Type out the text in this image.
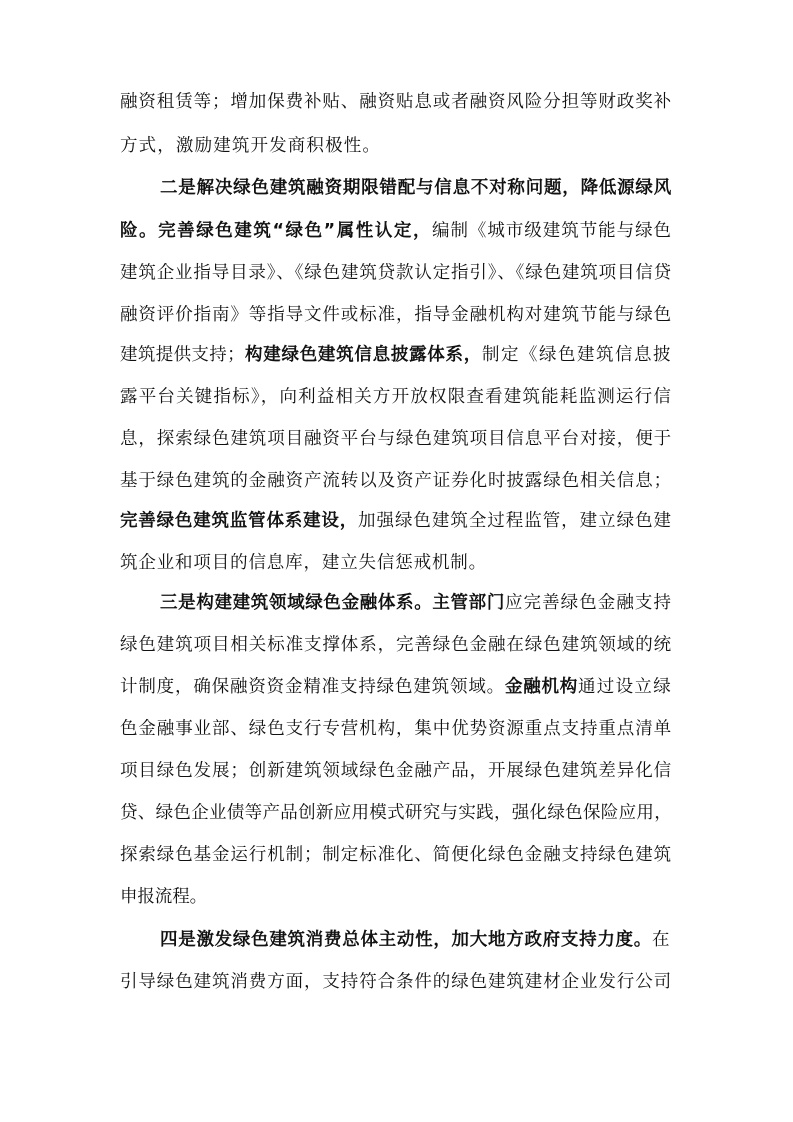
融资租赁等；增加保费补贴、融资贴息或者融资风险分担等财政奖补
方式，激励建筑开发商积极性。
二是解决绿色建筑融资期限错配与信息不对称问题，降低源绿风
险。完善绿色建筑“绿色”属性认定， 编制《城市级建筑节能与绿色
建筑企业指导目录》、《绿色建筑贷款认定指引》、《绿色建筑项目信贷
融资评价指南》等指导文件或标准，指导金融机构对建筑节能与绿色
建筑提供支持； 构建绿色建筑信息披露体系， 制定《绿色建筑信息披
露平台关键指标》，向利益相关方开放权限查看建筑能耗监测运行信
息，探索绿色建筑项目融资平台与绿色建筑项目信息平台对接，便于
基于绿色建筑的金融资产流转以及资产证券化时披露绿色相关信息；
完善绿色建筑监管体系建设， 加强绿色建筑全过程监管，建立绿色建
筑企业和项目的信息库，建立失信惩戒机制。
三是构建建筑领域绿色金融体系。主管部门 应完善绿色金融支持
绿色建筑项目相关标准支撑体系，完善绿色金融在绿色建筑领域的统
计制度，确保融资资金精准支持绿色建筑领域。 金融机构 通过设立绿
色金融事业部、绿色支行专营机构，集中优势资源重点支持重点清单
项目绿色发展；创新建筑领域绿色金融产品，开展绿色建筑差异化信
贷、绿色企业债等产品创新应用模式研究与实践，强化绿色保险应用，
探索绿色基金运行机制；制定标准化、简便化绿色金融支持绿色建筑
申报流程。
四是激发绿色建筑消费总体主动性，加大地方政府支持力度。 在
引导绿色建筑消费方面，支持符合条件的绿色建筑建材企业发行公司
